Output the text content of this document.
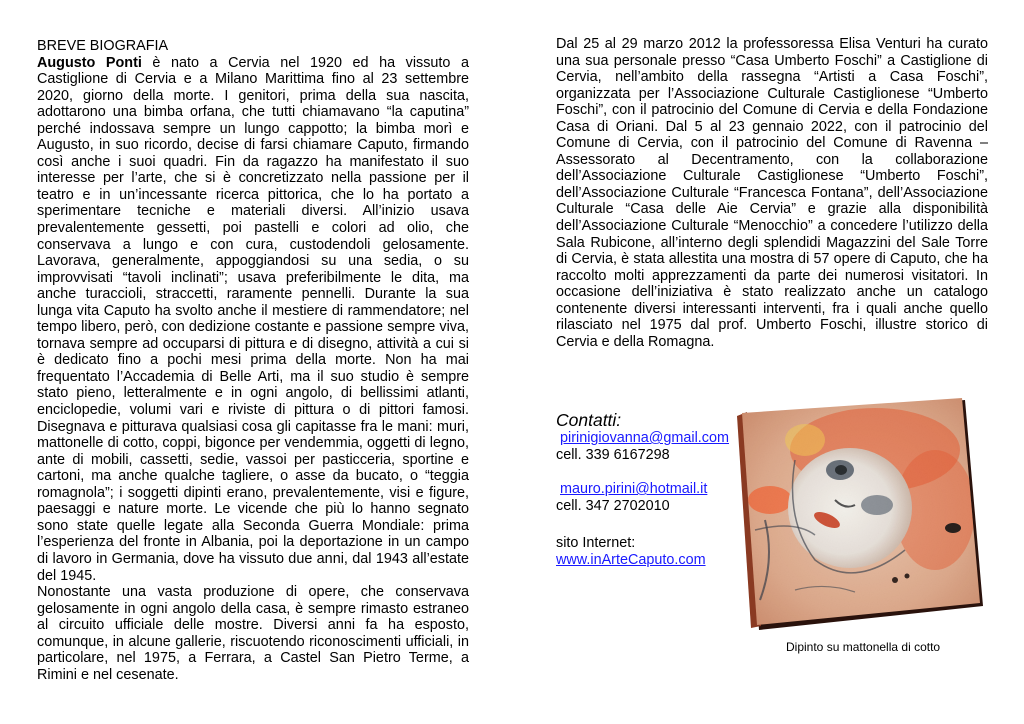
BREVE BIOGRAFIA

Augusto Ponti è nato a Cervia nel 1920 ed ha vissuto a Castiglione di Cervia e a Milano Marittima fino al 23 settembre 2020, giorno della morte. I genitori, prima della sua nascita, adottarono una bimba orfana, che tutti chiamavano “la caputina” perché indossava sempre un lungo cappotto; la bimba morì e Augusto, in suo ricordo, decise di farsi chiamare Caputo, firmando così anche i suoi quadri. Fin da ragazzo ha manifestato il suo interesse per l’arte, che si è concretizzato nella passione per il teatro e in un’incessante ricerca pittorica, che lo ha portato a sperimentare tecniche e materiali diversi. All’inizio usava prevalentemente gessetti, poi pastelli e colori ad olio, che conservava a lungo e con cura, custodendoli gelosamente. Lavorava, generalmente, appoggiandosi su una sedia, o su improvvisati “tavoli inclinati”; usava preferibilmente le dita, ma anche turaccioli, straccetti, raramente pennelli. Durante la sua lunga vita Caputo ha svolto anche il mestiere di rammendatore; nel tempo libero, però, con dedizione costante e passione sempre viva, tornava sempre ad occuparsi di pittura e di disegno, attività a cui si è dedicato fino a pochi mesi prima della morte. Non ha mai frequentato l’Accademia di Belle Arti, ma il suo studio è sempre stato pieno, letteralmente e in ogni angolo, di bellissimi atlanti, enciclopedie, volumi vari e riviste di pittura o di pittori famosi. Disegnava e pitturava qualsiasi cosa gli capitasse fra le mani: muri, mattonelle di cotto, coppi, bigonce per vendemmia, oggetti di legno, ante di mobili, cassetti, sedie, vassoi per pasticceria, sportine e cartoni, ma anche qualche tagliere, o asse da bucato, o “teggia romagnola”; i soggetti dipinti erano, prevalentemente, visi e figure, paesaggi e nature morte. Le vicende che più lo hanno segnato sono state quelle legate alla Seconda Guerra Mondiale: prima l’esperienza del fronte in Albania, poi la deportazione in un campo di lavoro in Germania, dove ha vissuto due anni, dal 1943 all’estate del 1945.

Nonostante una vasta produzione di opere, che conservava gelosamente in ogni angolo della casa, è sempre rimasto estraneo al circuito ufficiale delle mostre. Diversi anni fa ha esposto, comunque, in alcune gallerie, riscuotendo riconoscimenti ufficiali, in particolare, nel 1975, a Ferrara, a Castel San Pietro Terme, a Rimini e nel cesenate.

Dal 25 al 29 marzo 2012 la professoressa Elisa Venturi ha curato una sua personale presso “Casa Umberto Foschi” a Castiglione di Cervia, nell’ambito della rassegna “Artisti a Casa Foschi”, organizzata per l’Associazione Culturale Castiglionese “Umberto Foschi”, con il patrocinio del Comune di Cervia e della Fondazione Casa di Oriani. Dal 5 al 23 gennaio 2022, con il patrocinio del Comune di Cervia, con il patrocinio del Comune di Ravenna – Assessorato al Decentramento, con la collaborazione dell’Associazione Culturale Castiglionese “Umberto Foschi”, dell’Associazione Culturale “Francesca Fontana”, dell’Associazione Culturale “Casa delle Aie Cervia” e grazie alla disponibilità dell’Associazione Culturale “Menocchio” a concedere l’utilizzo della Sala Rubicone, all’interno degli splendidi Magazzini del Sale Torre di Cervia, è stata allestita una mostra di 57 opere di Caputo, che ha raccolto molti apprezzamenti da parte dei numerosi visitatori. In occasione dell’iniziativa è stato realizzato anche un catalogo contenente diversi interessanti interventi, fra i quali anche quello rilasciato nel 1975 dal prof. Umberto Foschi, illustre storico di Cervia e della Romagna.

Contatti:
pirinigiovanna@gmail.com
cell. 339 6167298
mauro.pirini@hotmail.it
cell. 347 2702010
sito Internet:
www.inArteCaputo.com
Dipinto su mattonella di cotto
